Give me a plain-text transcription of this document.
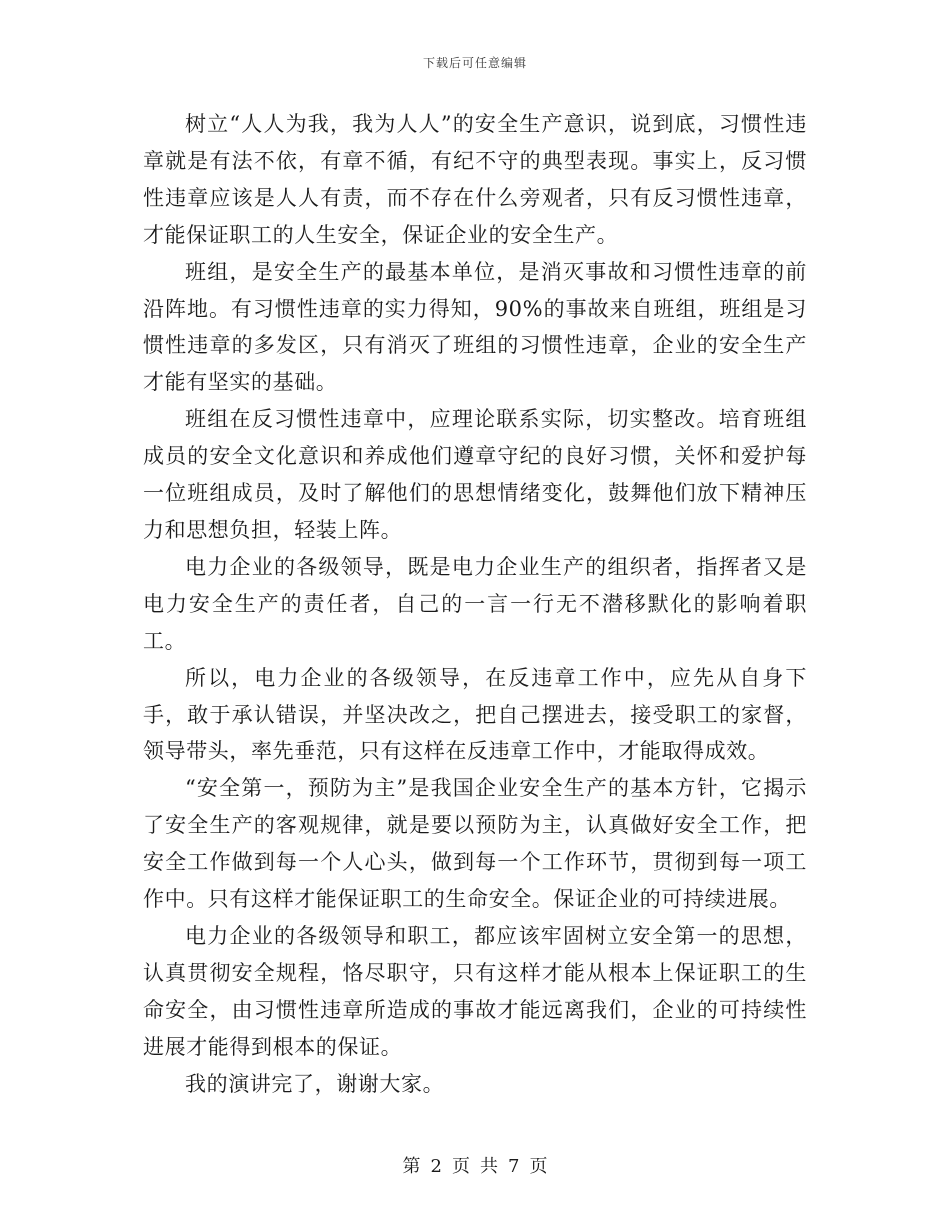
下载后可任意编辑

树立“人人为我，我为人人”的安全生产意识，说到底，习惯性违章就是有法不依，有章不循，有纪不守的典型表现。事实上，反习惯性违章应该是人人有责，而不存在什么旁观者，只有反习惯性违章，才能保证职工的人生安全，保证企业的安全生产。

班组，是安全生产的最基本单位，是消灭事故和习惯性违章的前沿阵地。有习惯性违章的实力得知，90%的事故来自班组，班组是习惯性违章的多发区，只有消灭了班组的习惯性违章，企业的安全生产才能有坚实的基础。

班组在反习惯性违章中，应理论联系实际，切实整改。培育班组成员的安全文化意识和养成他们遵章守纪的良好习惯，关怀和爱护每一位班组成员，及时了解他们的思想情绪变化，鼓舞他们放下精神压力和思想负担，轻装上阵。

电力企业的各级领导，既是电力企业生产的组织者，指挥者又是电力安全生产的责任者，自己的一言一行无不潜移默化的影响着职工。

所以，电力企业的各级领导，在反违章工作中，应先从自身下手，敢于承认错误，并坚决改之，把自己摆进去，接受职工的家督，领导带头，率先垂范，只有这样在反违章工作中，才能取得成效。

“安全第一，预防为主”是我国企业安全生产的基本方针，它揭示了安全生产的客观规律，就是要以预防为主，认真做好安全工作，把安全工作做到每一个人心头，做到每一个工作环节，贯彻到每一项工作中。只有这样才能保证职工的生命安全。保证企业的可持续进展。

电力企业的各级领导和职工，都应该牢固树立安全第一的思想，认真贯彻安全规程，恪尽职守，只有这样才能从根本上保证职工的生命安全，由习惯性违章所造成的事故才能远离我们，企业的可持续性进展才能得到根本的保证。

我的演讲完了，谢谢大家。

第 2 页 共 7 页
